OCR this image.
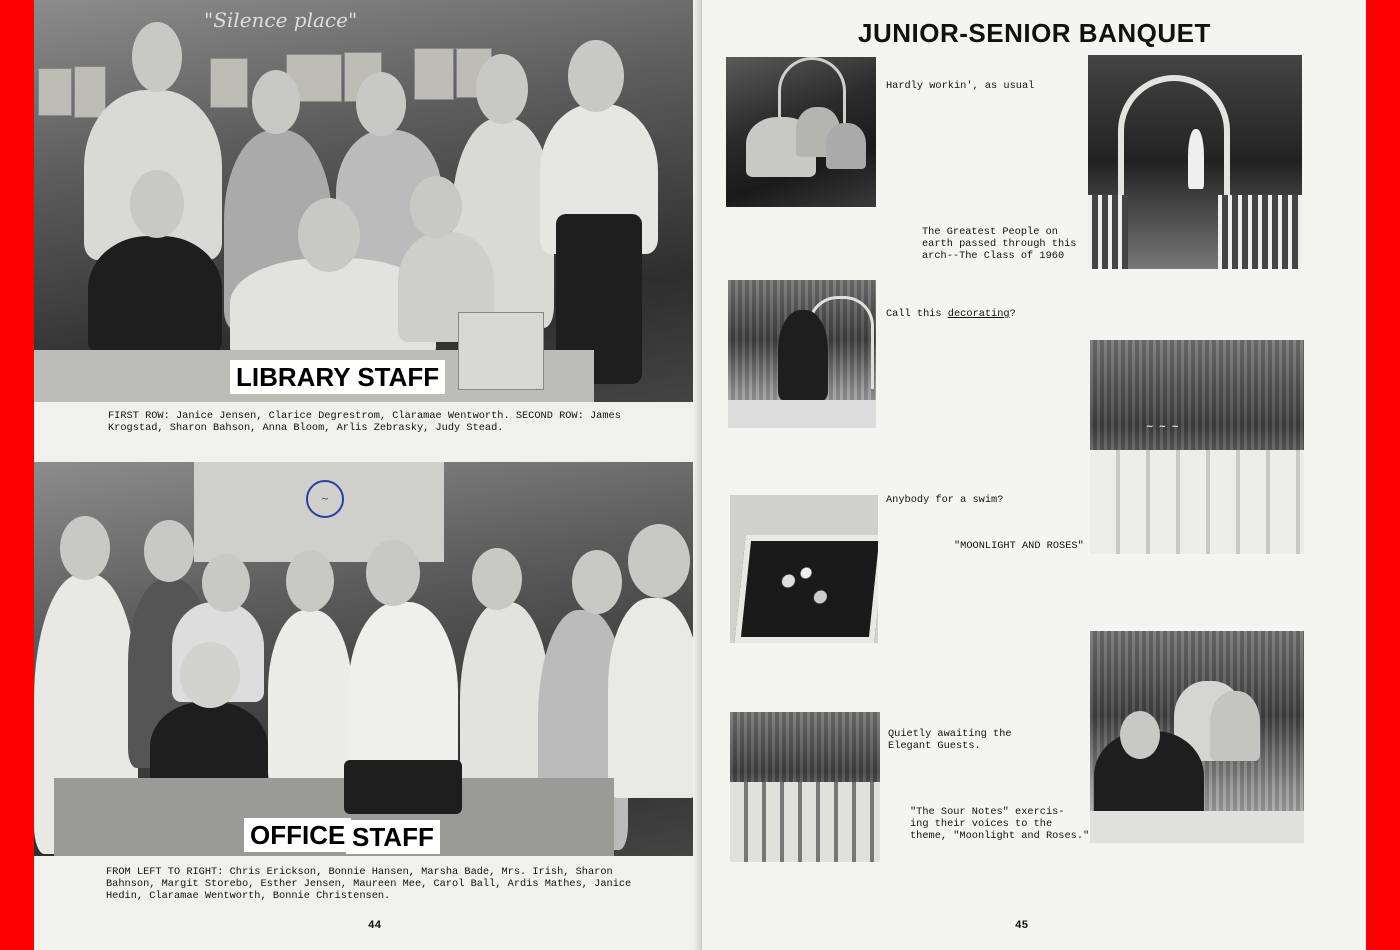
"Silence place"
LIBRARY STAFF
FIRST ROW: Janice Jensen, Clarice Degrestrom, Claramae Wentworth. SECOND ROW: James
Krogstad, Sharon Bahson, Anna Bloom, Arlis Zebrasky, Judy Stead.
~
OFFICE STAFF
FROM LEFT TO RIGHT: Chris Erickson, Bonnie Hansen, Marsha Bade, Mrs. Irish, Sharon
Bahnson, Margit Storebo, Esther Jensen, Maureen Mee, Carol Ball, Ardis Mathes, Janice
Hedin, Claramae Wentworth, Bonnie Christensen.
44
JUNIOR-SENIOR BANQUET
Hardly workin', as usual
The Greatest People on
earth passed through this
arch--The Class of 1960

Call this decorating?

~ ~ ~
Anybody for a swim?
"MOONLIGHT AND ROSES"
Quietly awaiting the
Elegant Guests.
"The Sour Notes" exercis-
ing their voices to the
theme, "Moonlight and Roses."
45
